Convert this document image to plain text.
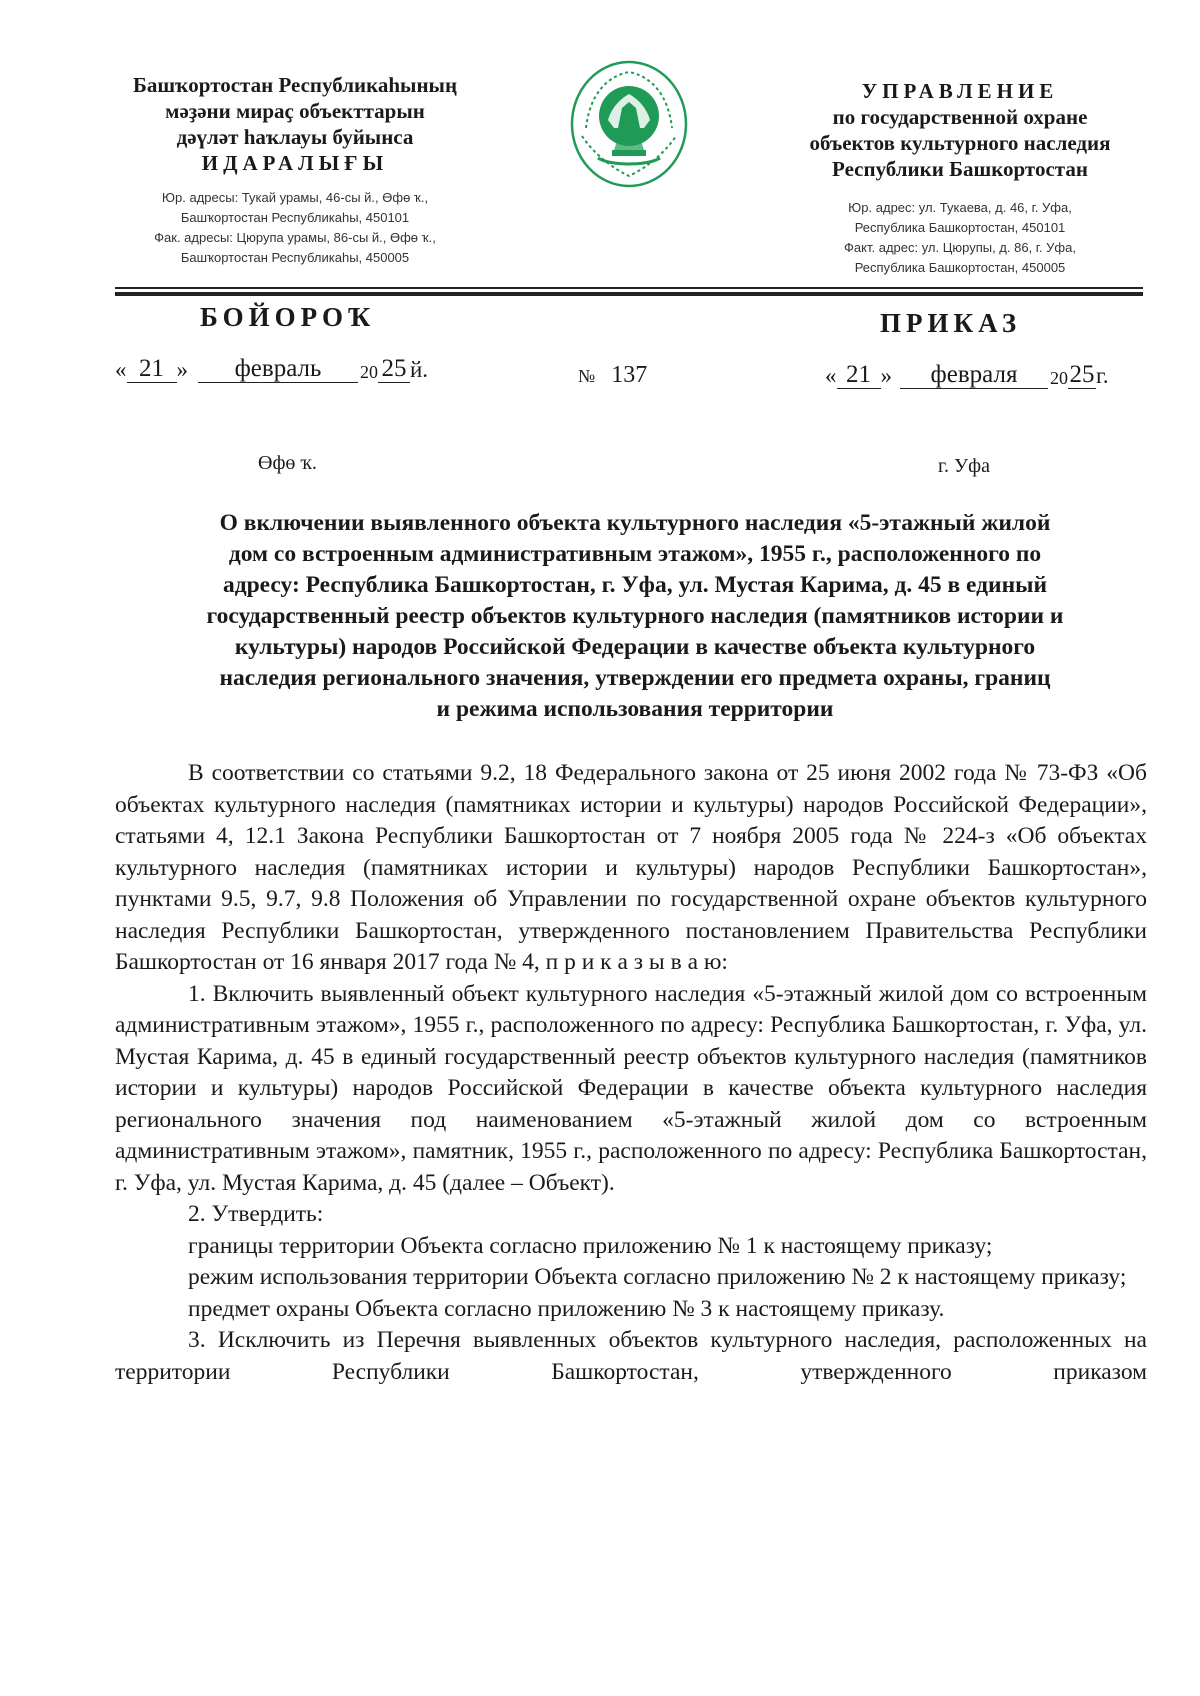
Башҡортостан Республикаһының
мәҙәни мираҫ объекттарын
дәүләт һаҡлауы буйынса
ИДАРАЛЫҒЫ
Юр. адресы: Тукай урамы, 46-сы й., Өфө ҡ.,
Башҡортостан Республикаһы, 450101
Фак. адресы: Цюрупа урамы, 86-сы й., Өфө ҡ.,
Башҡортостан Республикаһы, 450005
УПРАВЛЕНИЕ
по государственной охране
объектов культурного наследия
Республики Башкортостан
Юр. адрес: ул. Тукаева, д. 46, г. Уфа,
Республика Башкортостан, 450101
Факт. адрес: ул. Цюрупы, д. 86, г. Уфа,
Республика Башкортостан, 450005
БОЙОРОҠ	ПРИКАЗ
« 21 »	февраль	20 25 й.	№ 137	« 21 »	февраля	20 25 г.
Өфө ҡ.	г. Уфа
О включении выявленного объекта культурного наследия «5-этажный жилой
дом со встроенным административным этажом», 1955 г., расположенного по
адресу: Республика Башкортостан, г. Уфа, ул. Мустая Карима, д. 45 в единый
государственный реестр объектов культурного наследия (памятников истории и
культуры) народов Российской Федерации в качестве объекта культурного
наследия регионального значения, утверждении его предмета охраны, границ
и режима использования территории

В соответствии со статьями 9.2, 18 Федерального закона от 25 июня 2002 года № 73-ФЗ «Об объектах культурного наследия (памятниках истории и культуры) народов Российской Федерации», статьями 4, 12.1 Закона Республики Башкортостан от 7 ноября 2005 года № 224-з «Об объектах культурного наследия (памятниках истории и культуры) народов Республики Башкортостан», пунктами 9.5, 9.7, 9.8 Положения об Управлении по государственной охране объектов культурного наследия Республики Башкортостан, утвержденного постановлением Правительства Республики Башкортостан от 16 января 2017 года № 4, п р и к а з ы в а ю:

1. Включить выявленный объект культурного наследия «5-этажный жилой дом со встроенным административным этажом», 1955 г., расположенного по адресу: Республика Башкортостан, г. Уфа, ул. Мустая Карима, д. 45 в единый государственный реестр объектов культурного наследия (памятников истории и культуры) народов Российской Федерации в качестве объекта культурного наследия регионального значения под наименованием «5-этажный жилой дом со встроенным административным этажом», памятник, 1955 г., расположенного по адресу: Республика Башкортостан, г. Уфа, ул. Мустая Карима, д. 45 (далее – Объект).

2. Утвердить:

границы территории Объекта согласно приложению № 1 к настоящему приказу;

режим использования территории Объекта согласно приложению № 2 к настоящему приказу;

предмет охраны Объекта согласно приложению № 3 к настоящему приказу.

3. Исключить из Перечня выявленных объектов культурного наследия, расположенных на территории Республики Башкортостан, утвержденного приказом
